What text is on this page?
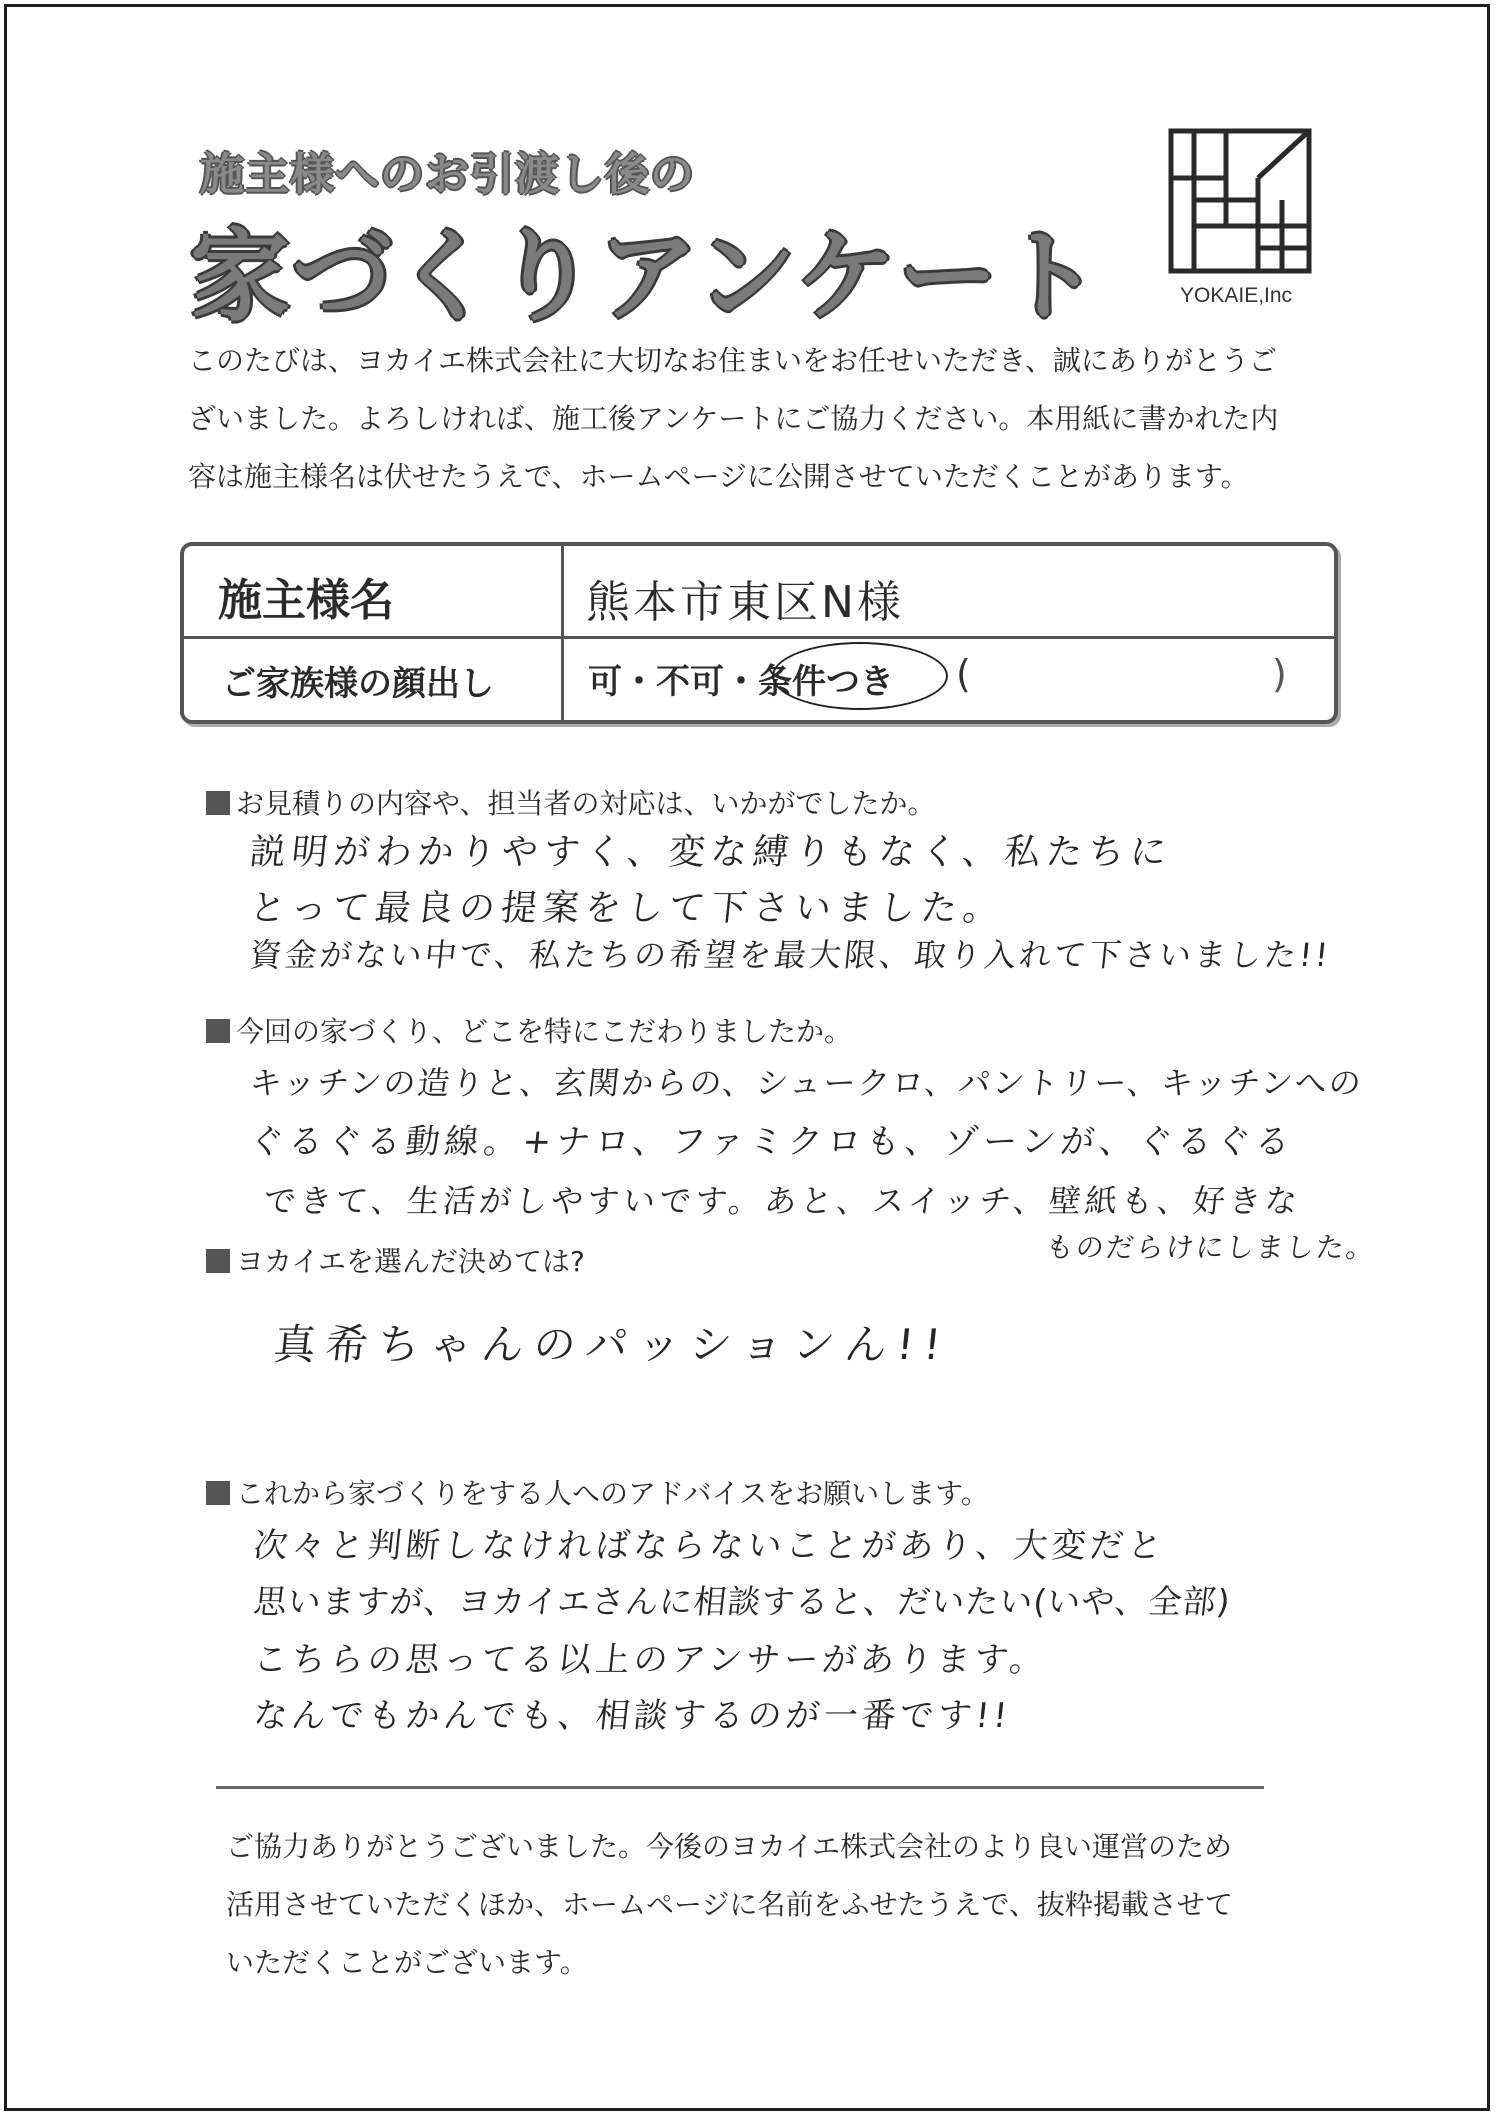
施主様へのお引渡し後の
家づくりアンケート	YOKAIE,Inc

このたびは、ヨカイエ株式会社に大切なお住まいをお任せいただき、誠にありがとうご

ざいました。よろしければ、施工後アンケートにご協力ください。本用紙に書かれた内

容は施主様名は伏せたうえで、ホームページに公開させていただくことがあります。

施主様名	熊本市東区N様
ご家族様の顔出し	可・不可・条件つき (	)
お見積りの内容や、担当者の対応は、いかがでしたか。
説明がわかりやすく、変な縛りもなく、私たちに
とって最良の提案をして下さいました。
資金がない中で、私たちの希望を最大限、取り入れて下さいました!!
今回の家づくり、どこを特にこだわりましたか。
キッチンの造りと、玄関からの、シュークロ、パントリー、キッチンへの
ぐるぐる動線。+ナロ、ファミクロも、ゾーンが、ぐるぐる
できて、生活がしやすいです。あと、スイッチ、壁紙も、好きな
ものだらけにしました。
ヨカイエを選んだ決めては?
真希ちゃんのパッションん!!
これから家づくりをする人へのアドバイスをお願いします。
次々と判断しなければならないことがあり、大変だと
思いますが、ヨカイエさんに相談すると、だいたい(いや、全部)
こちらの思ってる以上のアンサーがあります。
なんでもかんでも、相談するのが一番です!!

ご協力ありがとうございました。今後のヨカイエ株式会社のより良い運営のため

活用させていただくほか、ホームページに名前をふせたうえで、抜粋掲載させて

いただくことがございます。
